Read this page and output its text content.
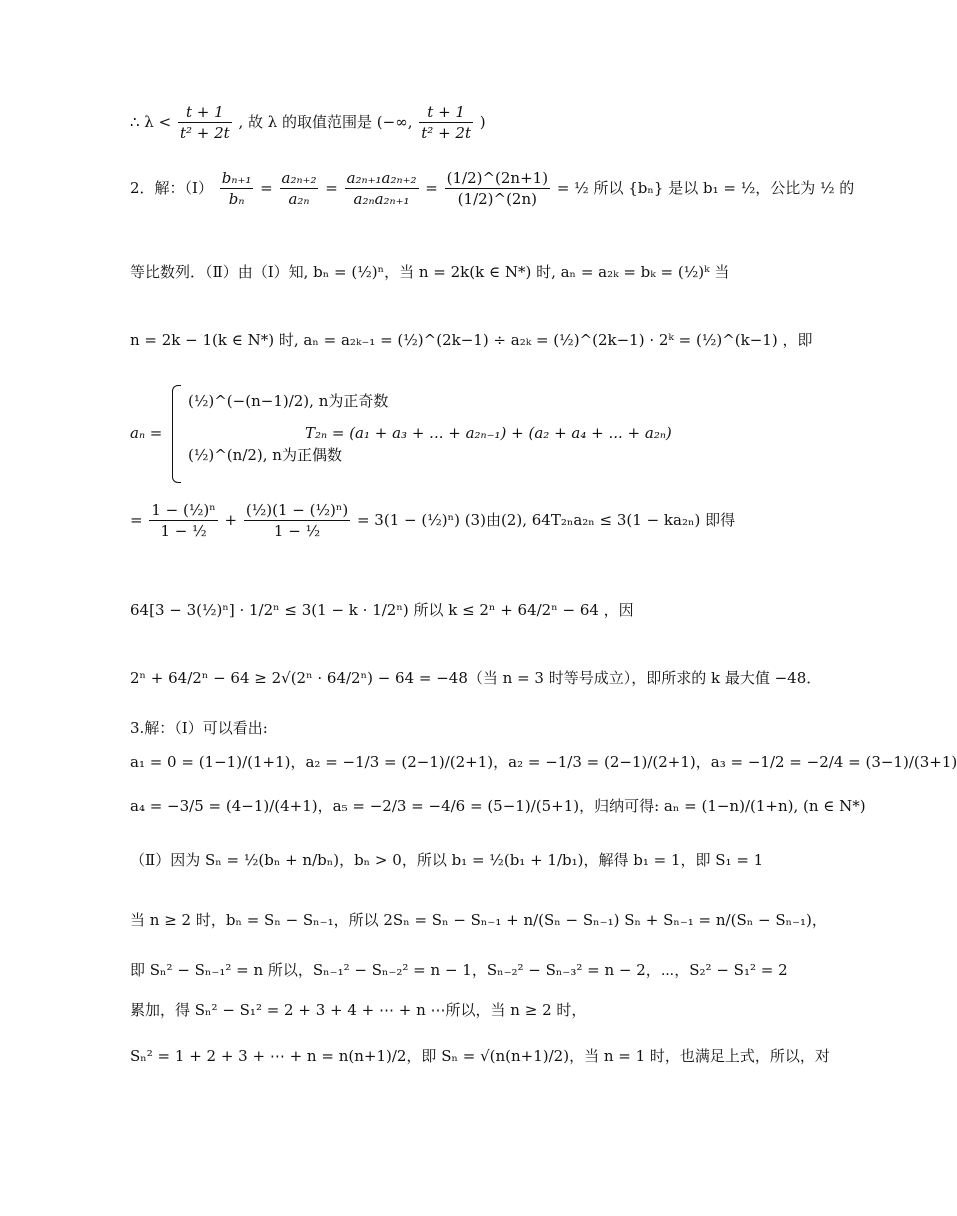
∴ $\lambda < \frac{t + 1}{\text{t² + 2t}}$ , 故 λ 的取值范围是 (−∞, $\frac{t + 1}{\text{t² + 2t}}$ )
2．解：（Ⅰ） $\frac{\text{bₙ₊₁}}{\text{bₙ}} = \frac{\text{a₂ₙ₊₂}}{\text{a₂ₙ}} = \frac{\text{a₂ₙ₊₁a₂ₙ₊₂}}{\text{a₂ₙa₂ₙ₊₁}} = \frac{(1/2)\^{}(2n+1)}{(1/2)\^{}(2n)}$ = ½ 所以 {bₙ} 是以 b₁ = ½，公比为 ½ 的
等比数列．（Ⅱ）由（Ⅰ）知, bₙ = (½)ⁿ，当 n = 2k(k ∈ N*) 时, aₙ = a₂ₖ = bₖ = (½)ᵏ 当
n = 2k − 1(k ∈ N*) 时, aₙ = a₂ₖ₋₁ = (½)^(2k−1) ÷ a₂ₖ = (½)^(2k−1) · 2ᵏ = (½)^(k−1) ，即
aₙ =
(½)^(−(n−1)/2), n为正奇数
(½)^(n/2), n为正偶数
T₂ₙ = (a₁ + a₃ + ... + a₂ₙ₋₁) + (a₂ + a₄ + ... + a₂ₙ)
= $\frac{\text{1 − (½)ⁿ}}{\text{1 − ½}} + \frac{\text{(½)(1 − (½)ⁿ)}}{\text{1 − ½}} = 3(1$ − (½)ⁿ) (3)由(2), 64T₂ₙa₂ₙ ≤ 3(1 − ka₂ₙ) 即得
64[3 − 3(½)ⁿ] · 1/2ⁿ ≤ 3(1 − k · 1/2ⁿ) 所以 k ≤ 2ⁿ + 64/2ⁿ − 64 ，因
2ⁿ + 64/2ⁿ − 64 ≥ 2√(2ⁿ · 64/2ⁿ) − 64 = −48（当 n = 3 时等号成立），即所求的 k 最大值 −48．
3.解：（Ⅰ）可以看出:
a₁ = 0 = (1−1)/(1+1)，a₂ = −1/3 = (2−1)/(2+1)，a₂ = −1/3 = (2−1)/(2+1)，a₃ = −1/2 = −2/4 = (3−1)/(3+1)
a₄ = −3/5 = (4−1)/(4+1)，a₅ = −2/3 = −4/6 = (5−1)/(5+1)，归纳可得: aₙ = (1−n)/(1+n), (n ∈ N*)
（Ⅱ）因为 Sₙ = ½(bₙ + n/bₙ)，bₙ > 0，所以 b₁ = ½(b₁ + 1/b₁)，解得 b₁ = 1，即 S₁ = 1
当 n ≥ 2 时，bₙ = Sₙ − Sₙ₋₁，所以 2Sₙ = Sₙ − Sₙ₋₁ + n/(Sₙ − Sₙ₋₁) Sₙ + Sₙ₋₁ = n/(Sₙ − Sₙ₋₁)，
即 Sₙ² − Sₙ₋₁² = n 所以，Sₙ₋₁² − Sₙ₋₂² = n − 1，Sₙ₋₂² − Sₙ₋₃² = n − 2，⋯，S₂² − S₁² = 2
累加，得 Sₙ² − S₁² = 2 + 3 + 4 + ⋯ + n ⋯所以，当 n ≥ 2 时，
Sₙ² = 1 + 2 + 3 + ⋯ + n = n(n+1)/2，即 Sₙ = √(n(n+1)/2)，当 n = 1 时，也满足上式，所以，对
